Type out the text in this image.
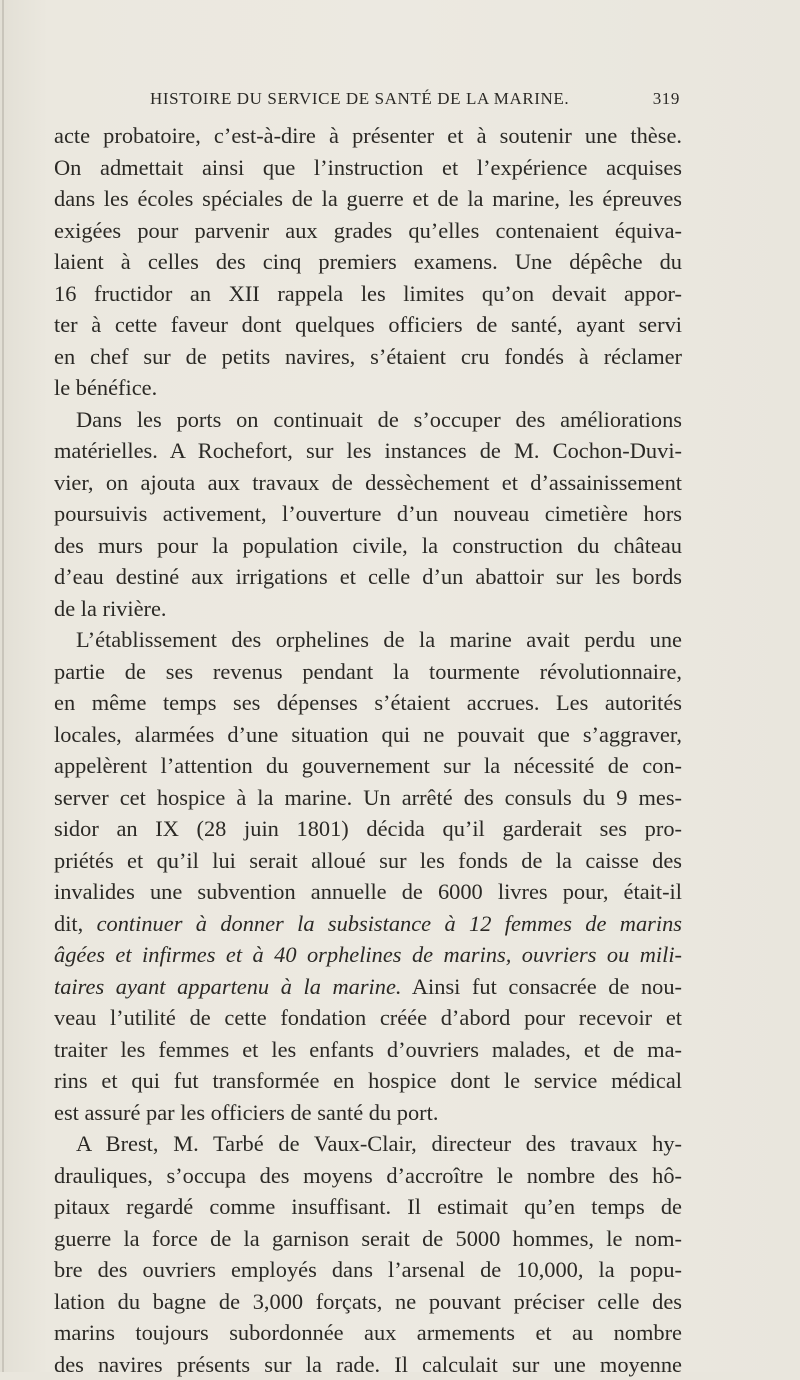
HISTOIRE DU SERVICE DE SANTÉ DE LA MARINE.	319
acte probatoire, c’est-à-dire à présenter et à soutenir une thèse.
On admettait ainsi que l’instruction et l’expérience acquises
dans les écoles spéciales de la guerre et de la marine, les épreuves
exigées pour parvenir aux grades qu’elles contenaient équiva-
laient à celles des cinq premiers examens. Une dépêche du
16 fructidor an XII rappela les limites qu’on devait appor-
ter à cette faveur dont quelques officiers de santé, ayant servi
en chef sur de petits navires, s’étaient cru fondés à réclamer
le bénéfice.
Dans les ports on continuait de s’occuper des améliorations
matérielles. A Rochefort, sur les instances de M. Cochon-Duvi-
vier, on ajouta aux travaux de dessèchement et d’assainissement
poursuivis activement, l’ouverture d’un nouveau cimetière hors
des murs pour la population civile, la construction du château
d’eau destiné aux irrigations et celle d’un abattoir sur les bords
de la rivière.
L’établissement des orphelines de la marine avait perdu une
partie de ses revenus pendant la tourmente révolutionnaire,
en même temps ses dépenses s’étaient accrues. Les autorités
locales, alarmées d’une situation qui ne pouvait que s’aggraver,
appelèrent l’attention du gouvernement sur la nécessité de con-
server cet hospice à la marine. Un arrêté des consuls du 9 mes-
sidor an IX (28 juin 1801) décida qu’il garderait ses pro-
priétés et qu’il lui serait alloué sur les fonds de la caisse des
invalides une subvention annuelle de 6000 livres pour, était-il
dit, continuer à donner la subsistance à 12 femmes de marins
âgées et infirmes et à 40 orphelines de marins, ouvriers ou mili-
taires ayant appartenu à la marine. Ainsi fut consacrée de nou-
veau l’utilité de cette fondation créée d’abord pour recevoir et
traiter les femmes et les enfants d’ouvriers malades, et de ma-
rins et qui fut transformée en hospice dont le service médical
est assuré par les officiers de santé du port.
A Brest, M. Tarbé de Vaux-Clair, directeur des travaux hy-
drauliques, s’occupa des moyens d’accroître le nombre des hô-
pitaux regardé comme insuffisant. Il estimait qu’en temps de
guerre la force de la garnison serait de 5000 hommes, le nom-
bre des ouvriers employés dans l’arsenal de 10,000, la popu-
lation du bagne de 3,000 forçats, ne pouvant préciser celle des
marins toujours subordonnée aux armements et au nombre
des navires présents sur la rade. Il calculait sur une moyenne
